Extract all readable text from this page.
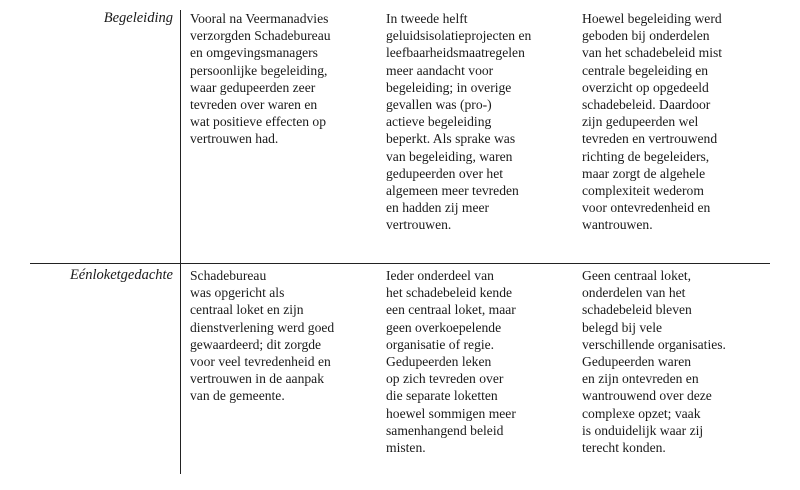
Begeleiding Vooral na Veermanadvies
verzorgden Schadebureau
en omgevingsmanagers
persoonlijke begeleiding,
waar gedupeerden zeer
tevreden over waren en
wat positieve effecten op
vertrouwen had.
In tweede helft
geluidsisolatieprojecten en
leefbaarheidsmaatregelen
meer aandacht voor
begeleiding; in overige
gevallen was (pro-)
actieve begeleiding
beperkt. Als sprake was
van begeleiding, waren
gedupeerden over het
algemeen meer tevreden
en hadden zij meer
vertrouwen.
Hoewel begeleiding werd
geboden bij onderdelen
van het schadebeleid mist
centrale begeleiding en
overzicht op opgedeeld
schadebeleid. Daardoor
zijn gedupeerden wel
tevreden en vertrouwend
richting de begeleiders,
maar zorgt de algehele
complexiteit wederom
voor ontevredenheid en
wantrouwen.
Eénloketgedachte Schadebureau
was opgericht als
centraal loket en zijn
dienstverlening werd goed
gewaardeerd; dit zorgde
voor veel tevredenheid en
vertrouwen in de aanpak
van de gemeente.
Ieder onderdeel van
het schadebeleid kende
een centraal loket, maar
geen overkoepelende
organisatie of regie.
Gedupeerden leken
op zich tevreden over
die separate loketten
hoewel sommigen meer
samenhangend beleid
misten.
Geen centraal loket,
onderdelen van het
schadebeleid bleven
belegd bij vele
verschillende organisaties.
Gedupeerden waren
en zijn ontevreden en
wantrouwend over deze
complexe opzet; vaak
is onduidelijk waar zij
terecht konden.
